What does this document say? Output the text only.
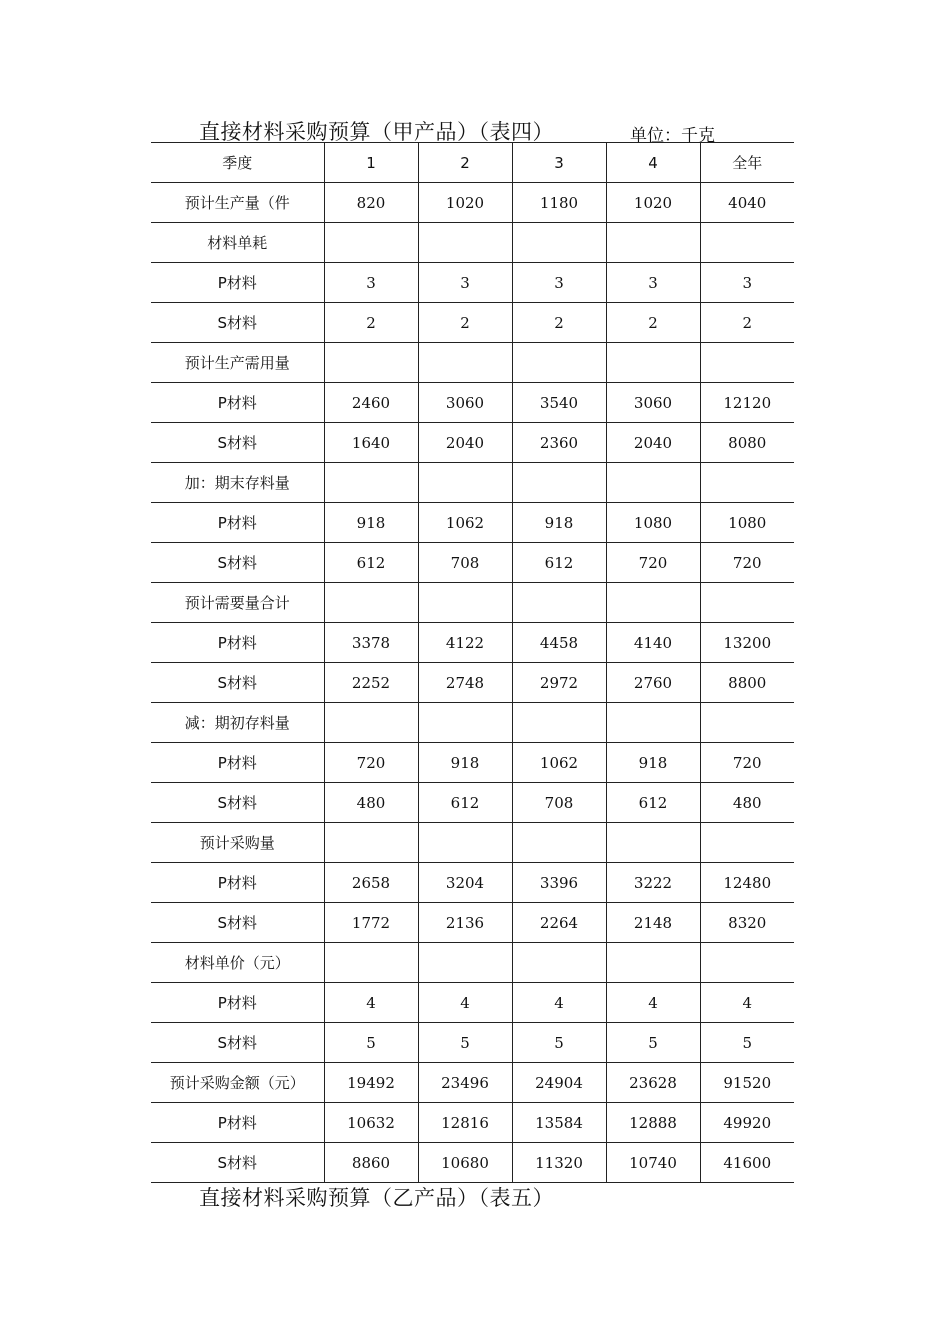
直接材料采购预算（甲产品）（表四）	单位：千克
季度	1	2	3	4	全年
预计生产量（件	820	1020	1180	1020	4040
材料单耗					
P材料	3	3	3	3	3
S材料	2	2	2	2	2
预计生产需用量					
P材料	2460	3060	3540	3060	12120
S材料	1640	2040	2360	2040	8080
加：期末存料量					
P材料	918	1062	918	1080	1080
S材料	612	708	612	720	720
预计需要量合计					
P材料	3378	4122	4458	4140	13200
S材料	2252	2748	2972	2760	8800
减：期初存料量					
P材料	720	918	1062	918	720
S材料	480	612	708	612	480
预计采购量					
P材料	2658	3204	3396	3222	12480
S材料	1772	2136	2264	2148	8320
材料单价（元）					
P材料	4	4	4	4	4
S材料	5	5	5	5	5
预计采购金额（元）	19492	23496	24904	23628	91520
P材料	10632	12816	13584	12888	49920
S材料	8860	10680	11320	10740	41600
直接材料采购预算（乙产品）（表五）
